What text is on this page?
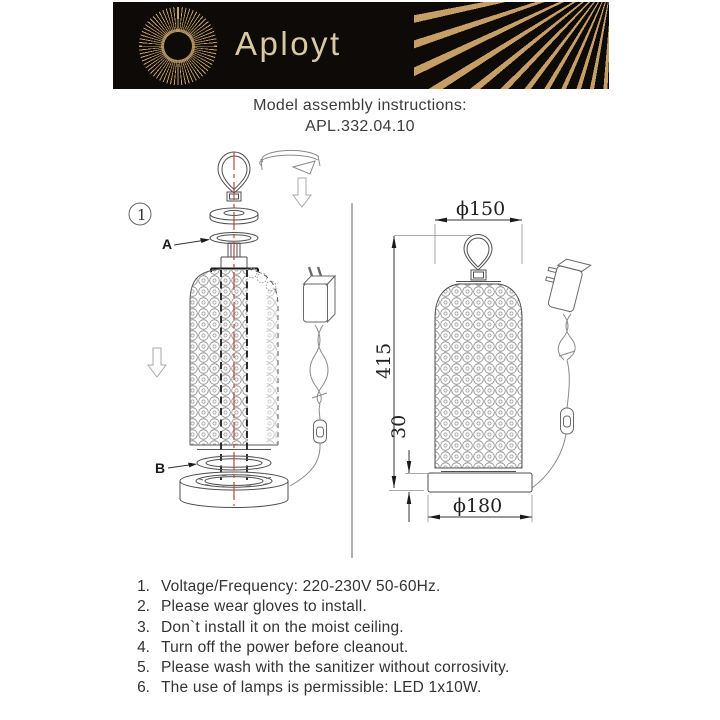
Aployt
Model assembly instructions:
APL.332.04.10
1
A
B
ϕ150
415
30
ϕ180
1. Voltage/Frequency: 220-230V 50-60Hz.
2. Please wear gloves to install.
3. Don`t install it on the moist ceiling.
4. Turn off the power before cleanout.
5. Please wash with the sanitizer without corrosivity.
6. The use of lamps is permissible: LED 1x10W.
